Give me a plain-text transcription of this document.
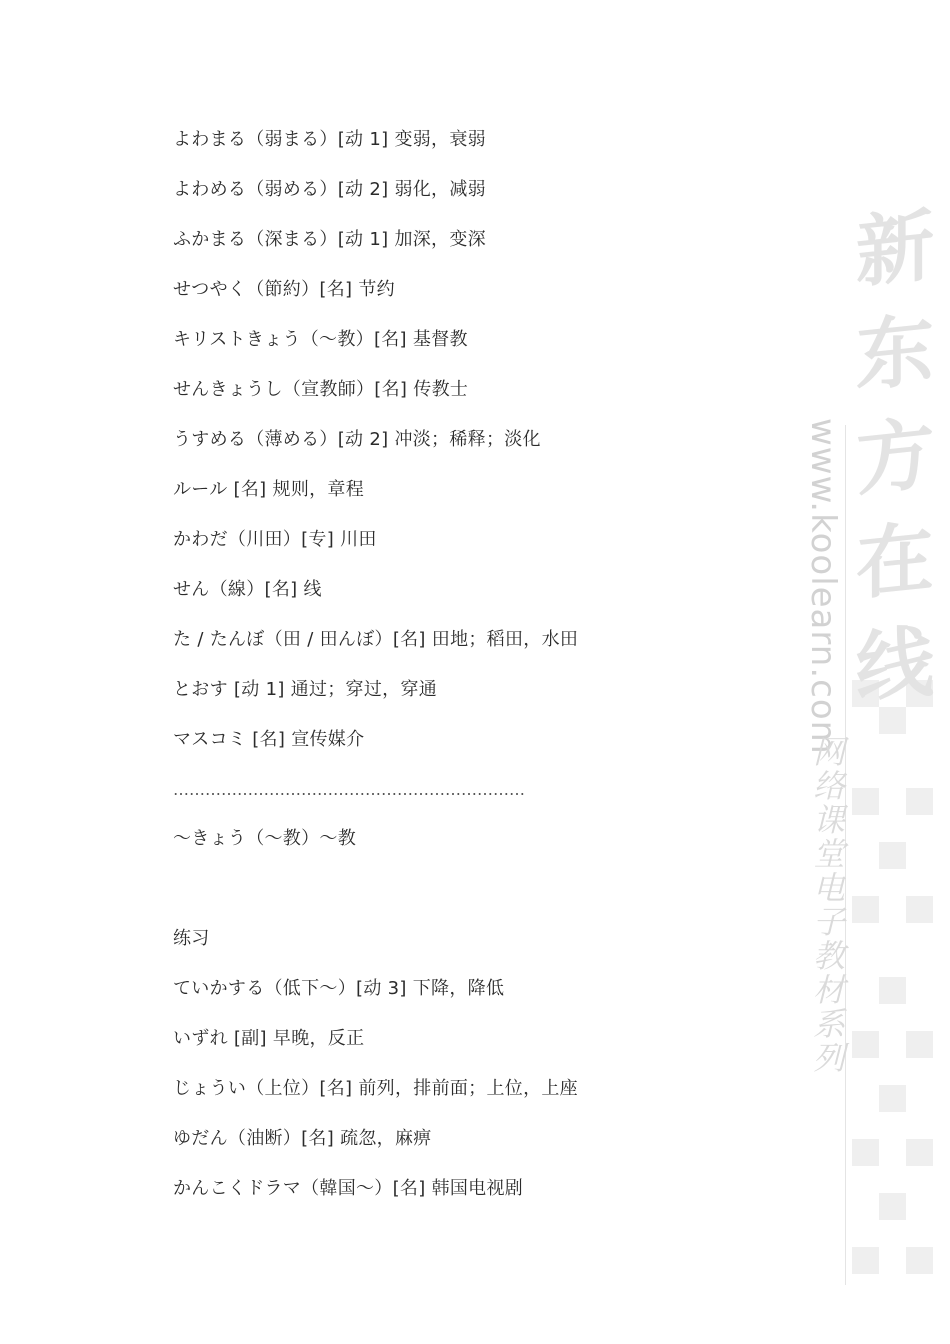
よわまる（弱まる）[动 1] 变弱，衰弱
よわめる（弱める）[动 2] 弱化，减弱
ふかまる（深まる）[动 1] 加深，变深
せつやく（節約）[名] 节约
キリストきょう（～教）[名] 基督教
せんきょうし（宣教師）[名] 传教士
うすめる（薄める）[动 2] 冲淡；稀释；淡化
ルール [名] 规则，章程
かわだ（川田）[专] 川田
せん（線）[名] 线
た / たんぼ（田 / 田んぼ）[名] 田地；稻田，水田
とおす [动 1] 通过；穿过，穿通
マスコミ [名] 宣传媒介
…………………………………………………………
～きょう（～教）～教
练习
ていかする（低下～）[动 3] 下降，降低
いずれ [副] 早晚，反正
じょうい（上位）[名] 前列，排前面；上位，上座
ゆだん（油断）[名] 疏忽，麻痹
かんこくドラマ（韓国～）[名] 韩国电视剧
新
东
方
在
线
www.koolearn.com
网络课堂电子教材系列
